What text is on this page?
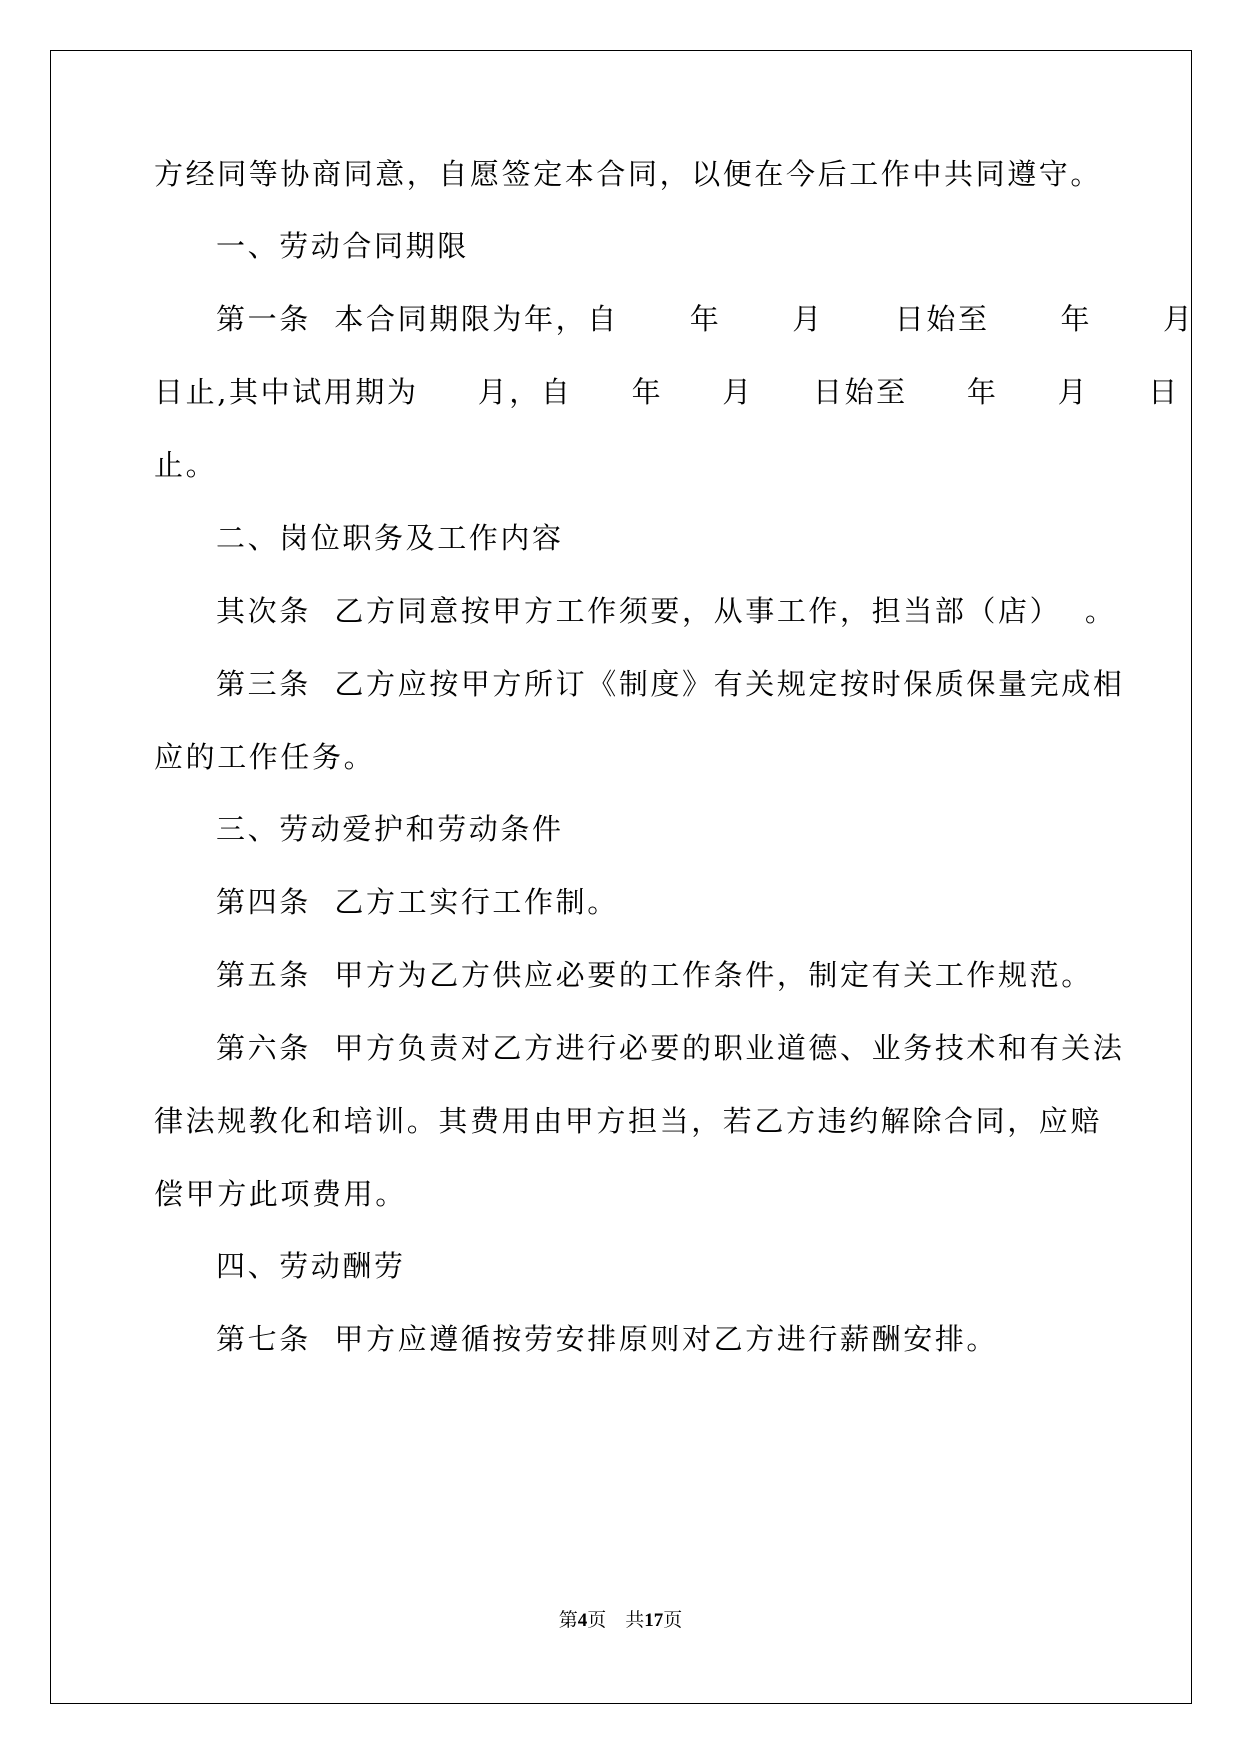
方经同等协商同意，自愿签定本合同，以便在今后工作中共同遵守。
一、劳动合同期限
第一条  本合同期限为年，自      年      月      日始至      年      月
日止,其中试用期为     月，自     年     月     日始至     年     月     日
止。
二、岗位职务及工作内容
其次条  乙方同意按甲方工作须要，从事工作，担当部（店）  。
第三条  乙方应按甲方所订《制度》有关规定按时保质保量完成相
应的工作任务。
三、劳动爱护和劳动条件
第四条  乙方工实行工作制。
第五条  甲方为乙方供应必要的工作条件，制定有关工作规范。
第六条  甲方负责对乙方进行必要的职业道德、业务技术和有关法
律法规教化和培训。其费用由甲方担当，若乙方违约解除合同，应赔
偿甲方此项费用。
四、劳动酬劳
第七条  甲方应遵循按劳安排原则对乙方进行薪酬安排。
第4页 共17页
